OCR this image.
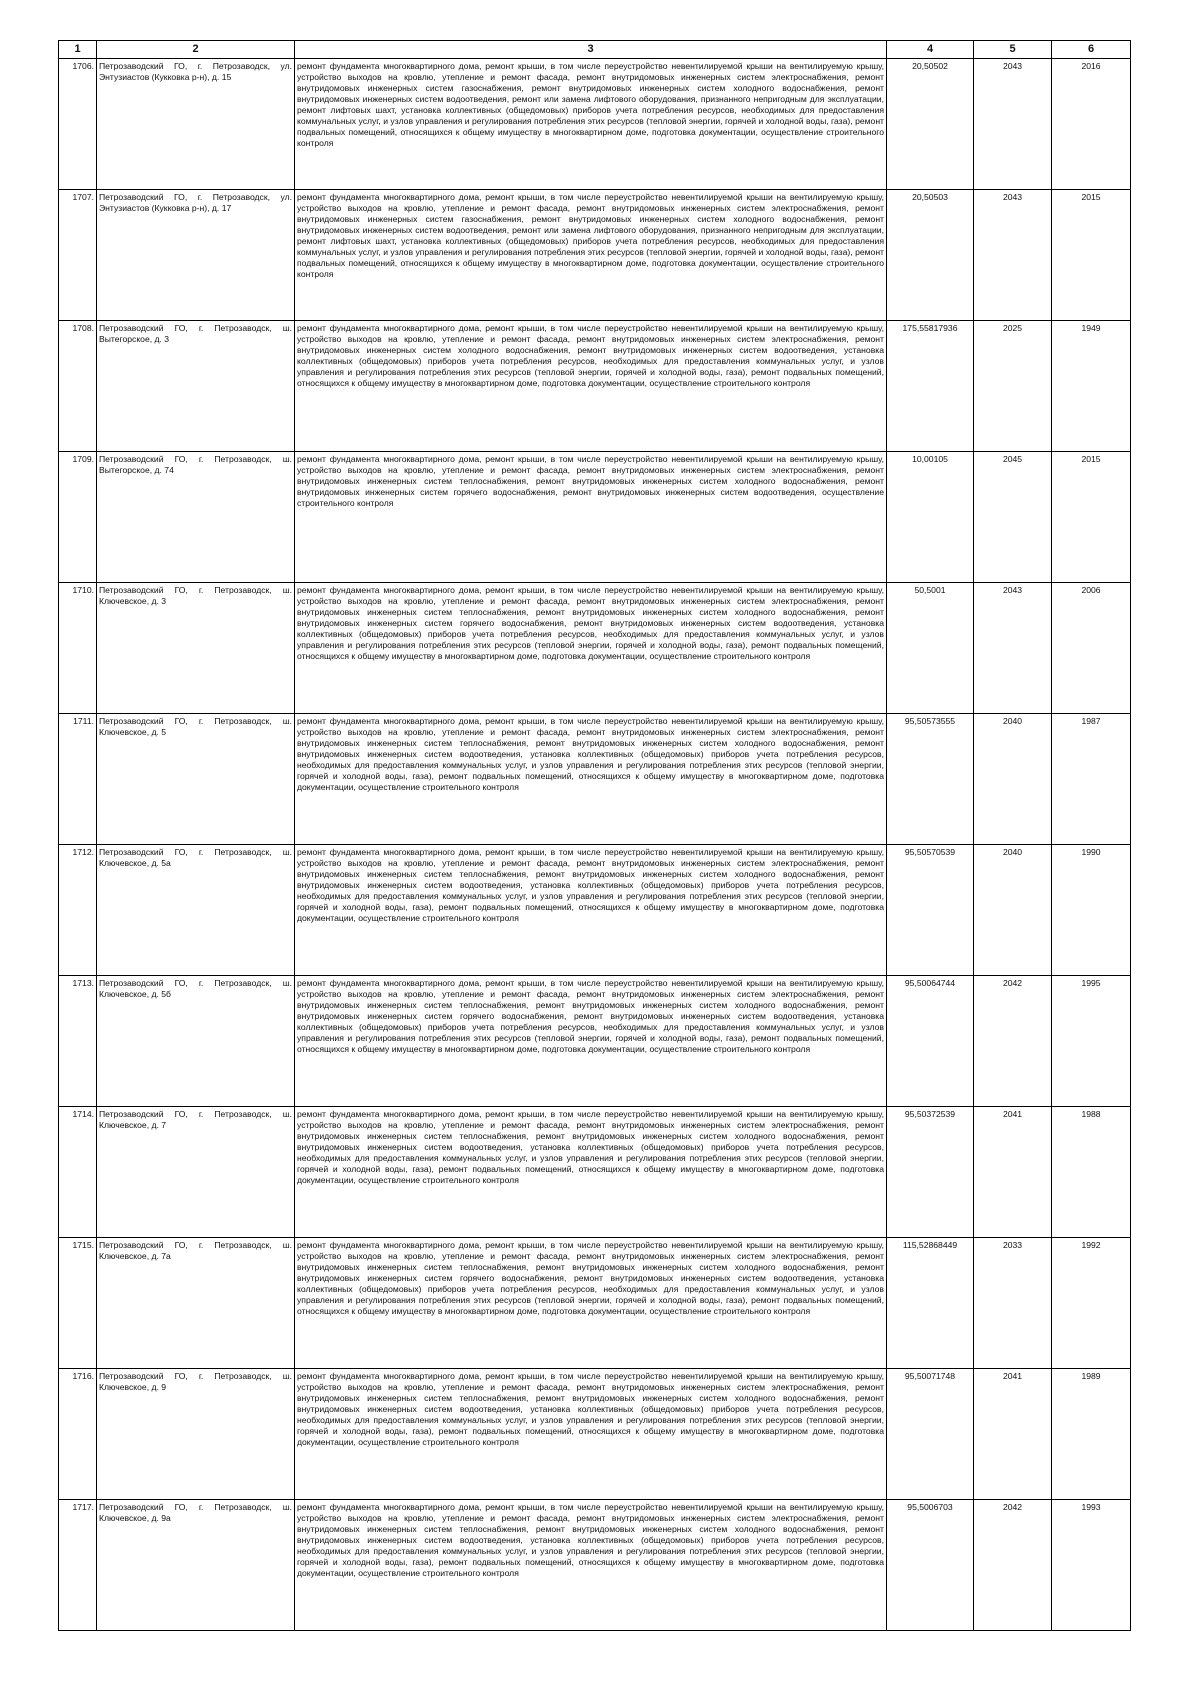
1	2	3	4	5	6
1706.	Петрозаводский ГО, г. Петрозаводск, ул. Энтузиастов (Кукковка р-н), д. 15	ремонт фундамента многоквартирного дома, ремонт крыши, в том числе переустройство невентилируемой крыши на вентилируемую крышу, устройство выходов на кровлю, утепление и ремонт фасада, ремонт внутридомовых инженерных систем электроснабжения, ремонт внутридомовых инженерных систем газоснабжения, ремонт внутридомовых инженерных систем холодного водоснабжения, ремонт внутридомовых инженерных систем водоотведения, ремонт или замена лифтового оборудования, признанного непригодным для эксплуатации, ремонт лифтовых шахт, установка коллективных (общедомовых) приборов учета потребления ресурсов, необходимых для предоставления коммунальных услуг, и узлов управления и регулирования потребления этих ресурсов (тепловой энергии, горячей и холодной воды, газа), ремонт подвальных помещений, относящихся к общему имуществу в многоквартирном доме, подготовка документации, осуществление строительного контроля	20,50502	2043	2016
1707.	Петрозаводский ГО, г. Петрозаводск, ул. Энтузиастов (Кукковка р-н), д. 17	ремонт фундамента многоквартирного дома, ремонт крыши, в том числе переустройство невентилируемой крыши на вентилируемую крышу, устройство выходов на кровлю, утепление и ремонт фасада, ремонт внутридомовых инженерных систем электроснабжения, ремонт внутридомовых инженерных систем газоснабжения, ремонт внутридомовых инженерных систем холодного водоснабжения, ремонт внутридомовых инженерных систем водоотведения, ремонт или замена лифтового оборудования, признанного непригодным для эксплуатации, ремонт лифтовых шахт, установка коллективных (общедомовых) приборов учета потребления ресурсов, необходимых для предоставления коммунальных услуг, и узлов управления и регулирования потребления этих ресурсов (тепловой энергии, горячей и холодной воды, газа), ремонт подвальных помещений, относящихся к общему имуществу в многоквартирном доме, подготовка документации, осуществление строительного контроля	20,50503	2043	2015
1708.	Петрозаводский ГО, г. Петрозаводск, ш. Вытегорское, д. 3	ремонт фундамента многоквартирного дома, ремонт крыши, в том числе переустройство невентилируемой крыши на вентилируемую крышу, устройство выходов на кровлю, утепление и ремонт фасада, ремонт внутридомовых инженерных систем электроснабжения, ремонт внутридомовых инженерных систем холодного водоснабжения, ремонт внутридомовых инженерных систем водоотведения, установка коллективных (общедомовых) приборов учета потребления ресурсов, необходимых для предоставления коммунальных услуг, и узлов управления и регулирования потребления этих ресурсов (тепловой энергии, горячей и холодной воды, газа), ремонт подвальных помещений, относящихся к общему имуществу в многоквартирном доме, подготовка документации, осуществление строительного контроля	175,55817936	2025	1949
1709.	Петрозаводский ГО, г. Петрозаводск, ш. Вытегорское, д. 74	ремонт фундамента многоквартирного дома, ремонт крыши, в том числе переустройство невентилируемой крыши на вентилируемую крышу, устройство выходов на кровлю, утепление и ремонт фасада, ремонт внутридомовых инженерных систем электроснабжения, ремонт внутридомовых инженерных систем теплоснабжения, ремонт внутридомовых инженерных систем холодного водоснабжения, ремонт внутридомовых инженерных систем горячего водоснабжения, ремонт внутридомовых инженерных систем водоотведения, осуществление строительного контроля	10,00105	2045	2015
1710.	Петрозаводский ГО, г. Петрозаводск, ш. Ключевское, д. 3	ремонт фундамента многоквартирного дома, ремонт крыши, в том числе переустройство невентилируемой крыши на вентилируемую крышу, устройство выходов на кровлю, утепление и ремонт фасада, ремонт внутридомовых инженерных систем электроснабжения, ремонт внутридомовых инженерных систем теплоснабжения, ремонт внутридомовых инженерных систем холодного водоснабжения, ремонт внутридомовых инженерных систем горячего водоснабжения, ремонт внутридомовых инженерных систем водоотведения, установка коллективных (общедомовых) приборов учета потребления ресурсов, необходимых для предоставления коммунальных услуг, и узлов управления и регулирования потребления этих ресурсов (тепловой энергии, горячей и холодной воды, газа), ремонт подвальных помещений, относящихся к общему имуществу в многоквартирном доме, подготовка документации, осуществление строительного контроля	50,5001	2043	2006
1711.	Петрозаводский ГО, г. Петрозаводск, ш. Ключевское, д. 5	ремонт фундамента многоквартирного дома, ремонт крыши, в том числе переустройство невентилируемой крыши на вентилируемую крышу, устройство выходов на кровлю, утепление и ремонт фасада, ремонт внутридомовых инженерных систем электроснабжения, ремонт внутридомовых инженерных систем теплоснабжения, ремонт внутридомовых инженерных систем холодного водоснабжения, ремонт внутридомовых инженерных систем водоотведения, установка коллективных (общедомовых) приборов учета потребления ресурсов, необходимых для предоставления коммунальных услуг, и узлов управления и регулирования потребления этих ресурсов (тепловой энергии, горячей и холодной воды, газа), ремонт подвальных помещений, относящихся к общему имуществу в многоквартирном доме, подготовка документации, осуществление строительного контроля	95,50573555	2040	1987
1712.	Петрозаводский ГО, г. Петрозаводск, ш. Ключевское, д. 5а	ремонт фундамента многоквартирного дома, ремонт крыши, в том числе переустройство невентилируемой крыши на вентилируемую крышу, устройство выходов на кровлю, утепление и ремонт фасада, ремонт внутридомовых инженерных систем электроснабжения, ремонт внутридомовых инженерных систем теплоснабжения, ремонт внутридомовых инженерных систем холодного водоснабжения, ремонт внутридомовых инженерных систем водоотведения, установка коллективных (общедомовых) приборов учета потребления ресурсов, необходимых для предоставления коммунальных услуг, и узлов управления и регулирования потребления этих ресурсов (тепловой энергии, горячей и холодной воды, газа), ремонт подвальных помещений, относящихся к общему имуществу в многоквартирном доме, подготовка документации, осуществление строительного контроля	95,50570539	2040	1990
1713.	Петрозаводский ГО, г. Петрозаводск, ш. Ключевское, д. 5б	ремонт фундамента многоквартирного дома, ремонт крыши, в том числе переустройство невентилируемой крыши на вентилируемую крышу, устройство выходов на кровлю, утепление и ремонт фасада, ремонт внутридомовых инженерных систем электроснабжения, ремонт внутридомовых инженерных систем теплоснабжения, ремонт внутридомовых инженерных систем холодного водоснабжения, ремонт внутридомовых инженерных систем горячего водоснабжения, ремонт внутридомовых инженерных систем водоотведения, установка коллективных (общедомовых) приборов учета потребления ресурсов, необходимых для предоставления коммунальных услуг, и узлов управления и регулирования потребления этих ресурсов (тепловой энергии, горячей и холодной воды, газа), ремонт подвальных помещений, относящихся к общему имуществу в многоквартирном доме, подготовка документации, осуществление строительного контроля	95,50064744	2042	1995
1714.	Петрозаводский ГО, г. Петрозаводск, ш. Ключевское, д. 7	ремонт фундамента многоквартирного дома, ремонт крыши, в том числе переустройство невентилируемой крыши на вентилируемую крышу, устройство выходов на кровлю, утепление и ремонт фасада, ремонт внутридомовых инженерных систем электроснабжения, ремонт внутридомовых инженерных систем теплоснабжения, ремонт внутридомовых инженерных систем холодного водоснабжения, ремонт внутридомовых инженерных систем водоотведения, установка коллективных (общедомовых) приборов учета потребления ресурсов, необходимых для предоставления коммунальных услуг, и узлов управления и регулирования потребления этих ресурсов (тепловой энергии, горячей и холодной воды, газа), ремонт подвальных помещений, относящихся к общему имуществу в многоквартирном доме, подготовка документации, осуществление строительного контроля	95,50372539	2041	1988
1715.	Петрозаводский ГО, г. Петрозаводск, ш. Ключевское, д. 7а	ремонт фундамента многоквартирного дома, ремонт крыши, в том числе переустройство невентилируемой крыши на вентилируемую крышу, устройство выходов на кровлю, утепление и ремонт фасада, ремонт внутридомовых инженерных систем электроснабжения, ремонт внутридомовых инженерных систем теплоснабжения, ремонт внутридомовых инженерных систем холодного водоснабжения, ремонт внутридомовых инженерных систем горячего водоснабжения, ремонт внутридомовых инженерных систем водоотведения, установка коллективных (общедомовых) приборов учета потребления ресурсов, необходимых для предоставления коммунальных услуг, и узлов управления и регулирования потребления этих ресурсов (тепловой энергии, горячей и холодной воды, газа), ремонт подвальных помещений, относящихся к общему имуществу в многоквартирном доме, подготовка документации, осуществление строительного контроля	115,52868449	2033	1992
1716.	Петрозаводский ГО, г. Петрозаводск, ш. Ключевское, д. 9	ремонт фундамента многоквартирного дома, ремонт крыши, в том числе переустройство невентилируемой крыши на вентилируемую крышу, устройство выходов на кровлю, утепление и ремонт фасада, ремонт внутридомовых инженерных систем электроснабжения, ремонт внутридомовых инженерных систем теплоснабжения, ремонт внутридомовых инженерных систем холодного водоснабжения, ремонт внутридомовых инженерных систем водоотведения, установка коллективных (общедомовых) приборов учета потребления ресурсов, необходимых для предоставления коммунальных услуг, и узлов управления и регулирования потребления этих ресурсов (тепловой энергии, горячей и холодной воды, газа), ремонт подвальных помещений, относящихся к общему имуществу в многоквартирном доме, подготовка документации, осуществление строительного контроля	95,50071748	2041	1989
1717.	Петрозаводский ГО, г. Петрозаводск, ш. Ключевское, д. 9а	ремонт фундамента многоквартирного дома, ремонт крыши, в том числе переустройство невентилируемой крыши на вентилируемую крышу, устройство выходов на кровлю, утепление и ремонт фасада, ремонт внутридомовых инженерных систем электроснабжения, ремонт внутридомовых инженерных систем теплоснабжения, ремонт внутридомовых инженерных систем холодного водоснабжения, ремонт внутридомовых инженерных систем водоотведения, установка коллективных (общедомовых) приборов учета потребления ресурсов, необходимых для предоставления коммунальных услуг, и узлов управления и регулирования потребления этих ресурсов (тепловой энергии, горячей и холодной воды, газа), ремонт подвальных помещений, относящихся к общему имуществу в многоквартирном доме, подготовка документации, осуществление строительного контроля	95,5006703	2042	1993
